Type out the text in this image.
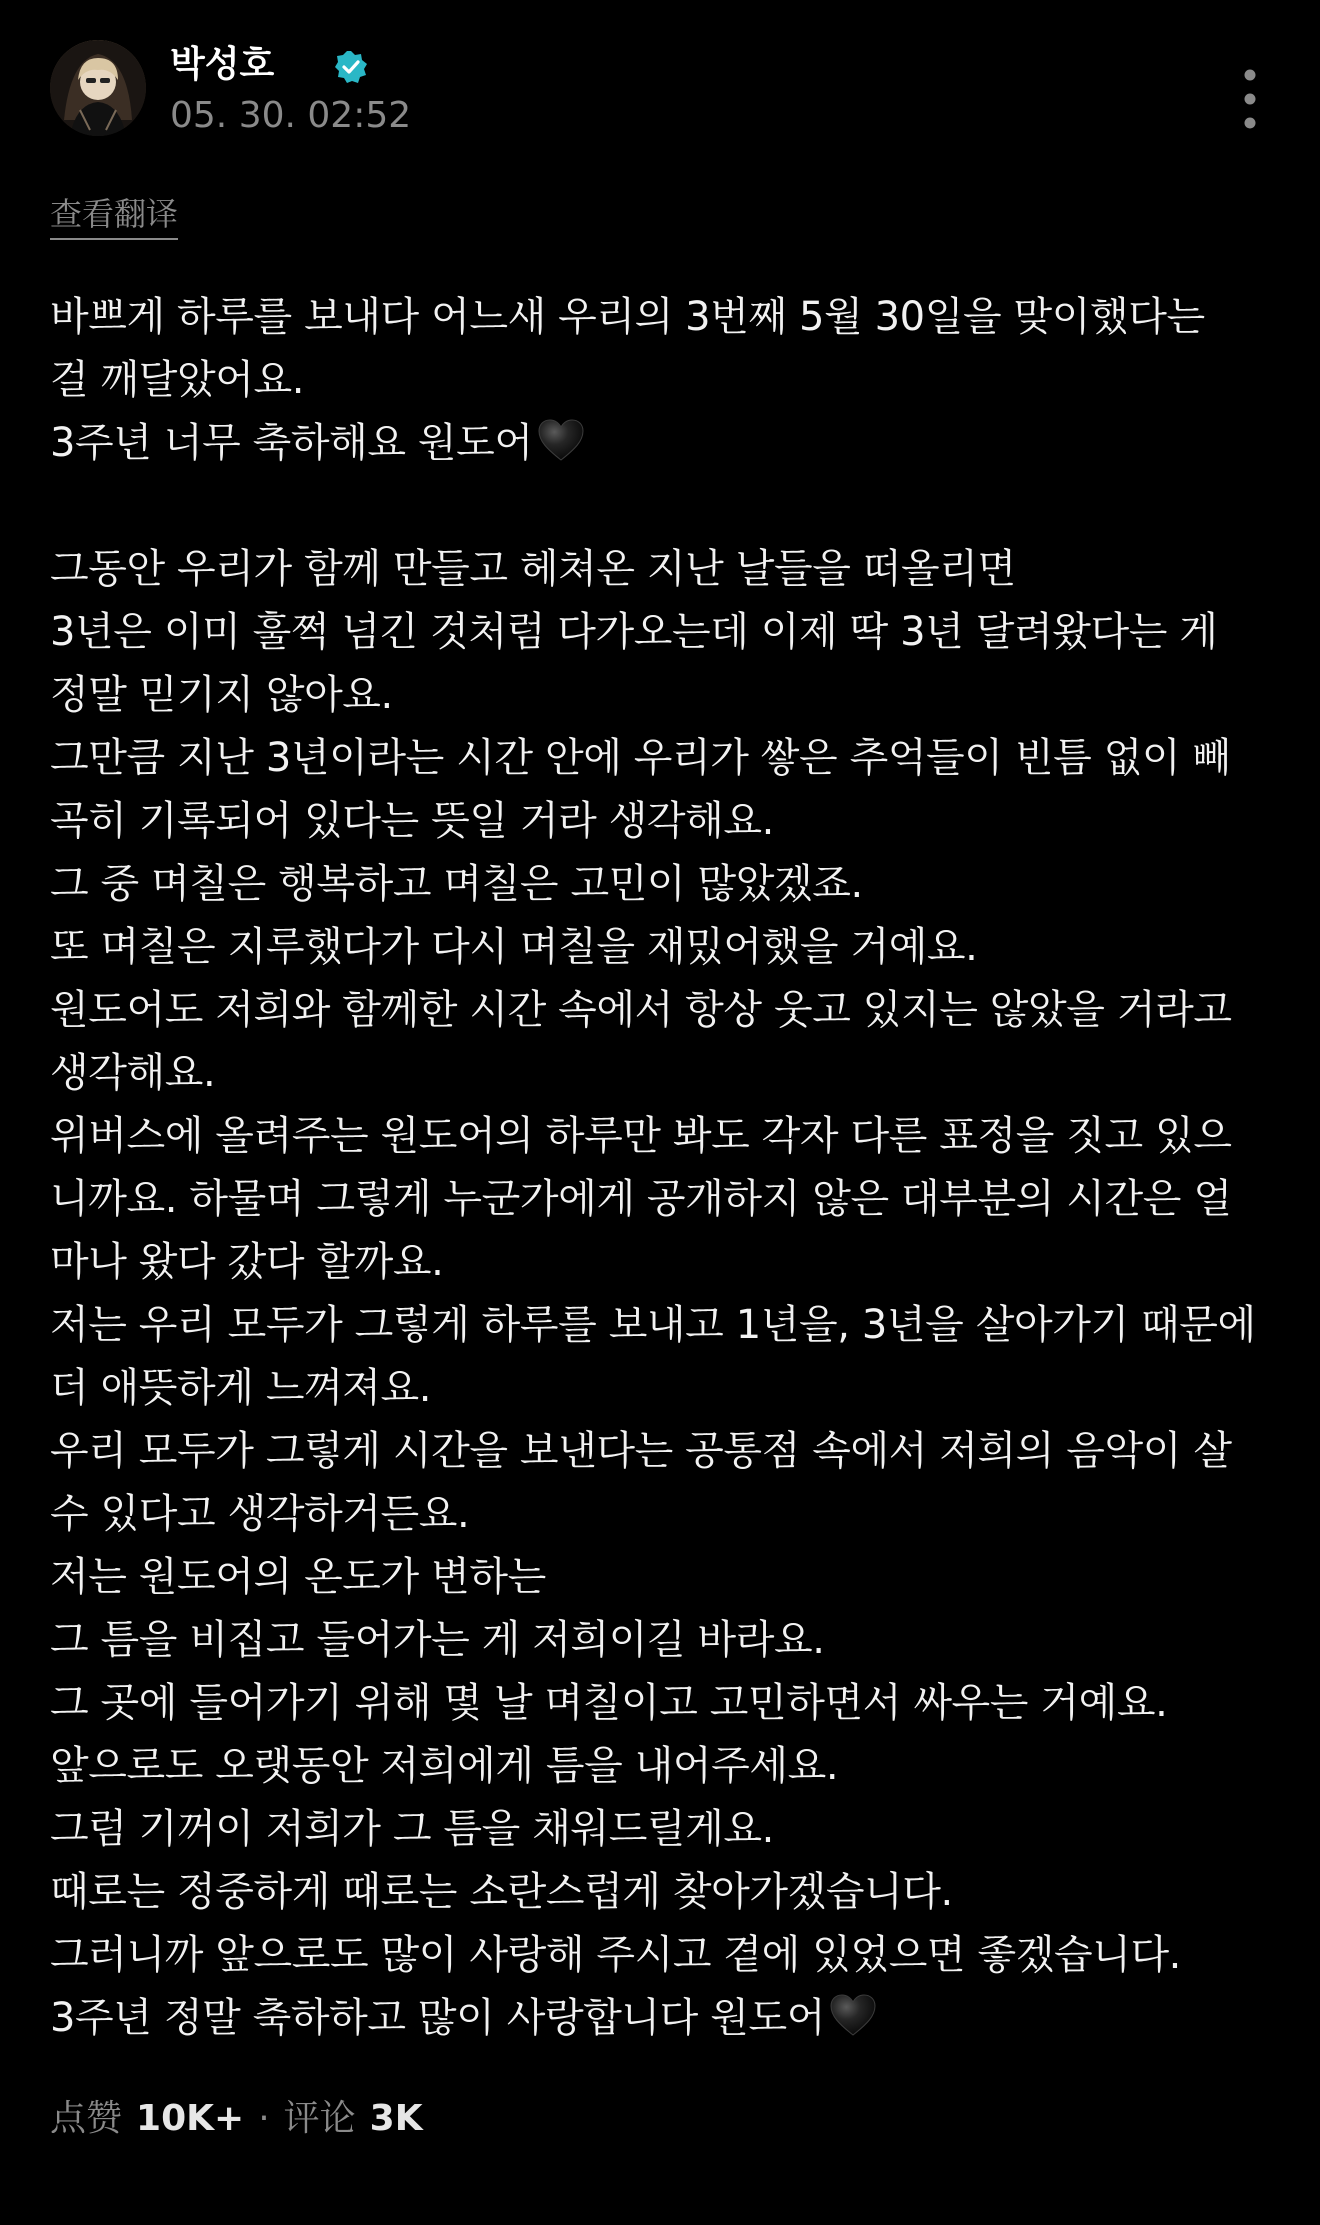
박성호
05. 30. 02:52
查看翻译
바쁘게 하루를 보내다 어느새 우리의 3번째 5월 30일을 맞이했다는
걸 깨달았어요.
3주년 너무 축하해요 원도어
그동안 우리가 함께 만들고 헤쳐온 지난 날들을 떠올리면
3년은 이미 훌쩍 넘긴 것처럼 다가오는데 이제 딱 3년 달려왔다는 게
정말 믿기지 않아요.
그만큼 지난 3년이라는 시간 안에 우리가 쌓은 추억들이 빈틈 없이 빼
곡히 기록되어 있다는 뜻일 거라 생각해요.
그 중 며칠은 행복하고 며칠은 고민이 많았겠죠.
또 며칠은 지루했다가 다시 며칠을 재밌어했을 거예요.
원도어도 저희와 함께한 시간 속에서 항상 웃고 있지는 않았을 거라고
생각해요.
위버스에 올려주는 원도어의 하루만 봐도 각자 다른 표정을 짓고 있으
니까요. 하물며 그렇게 누군가에게 공개하지 않은 대부분의 시간은 얼
마나 왔다 갔다 할까요.
저는 우리 모두가 그렇게 하루를 보내고 1년을, 3년을 살아가기 때문에
더 애뜻하게 느껴져요.
우리 모두가 그렇게 시간을 보낸다는 공통점 속에서 저희의 음악이 살
수 있다고 생각하거든요.
저는 원도어의 온도가 변하는
그 틈을 비집고 들어가는 게 저희이길 바라요.
그 곳에 들어가기 위해 몇 날 며칠이고 고민하면서 싸우는 거예요.
앞으로도 오랫동안 저희에게 틈을 내어주세요.
그럼 기꺼이 저희가 그 틈을 채워드릴게요.
때로는 정중하게 때로는 소란스럽게 찾아가겠습니다.
그러니까 앞으로도 많이 사랑해 주시고 곁에 있었으면 좋겠습니다.
3주년 정말 축하하고 많이 사랑합니다 원도어
点赞 10K+ · 评论 3K
